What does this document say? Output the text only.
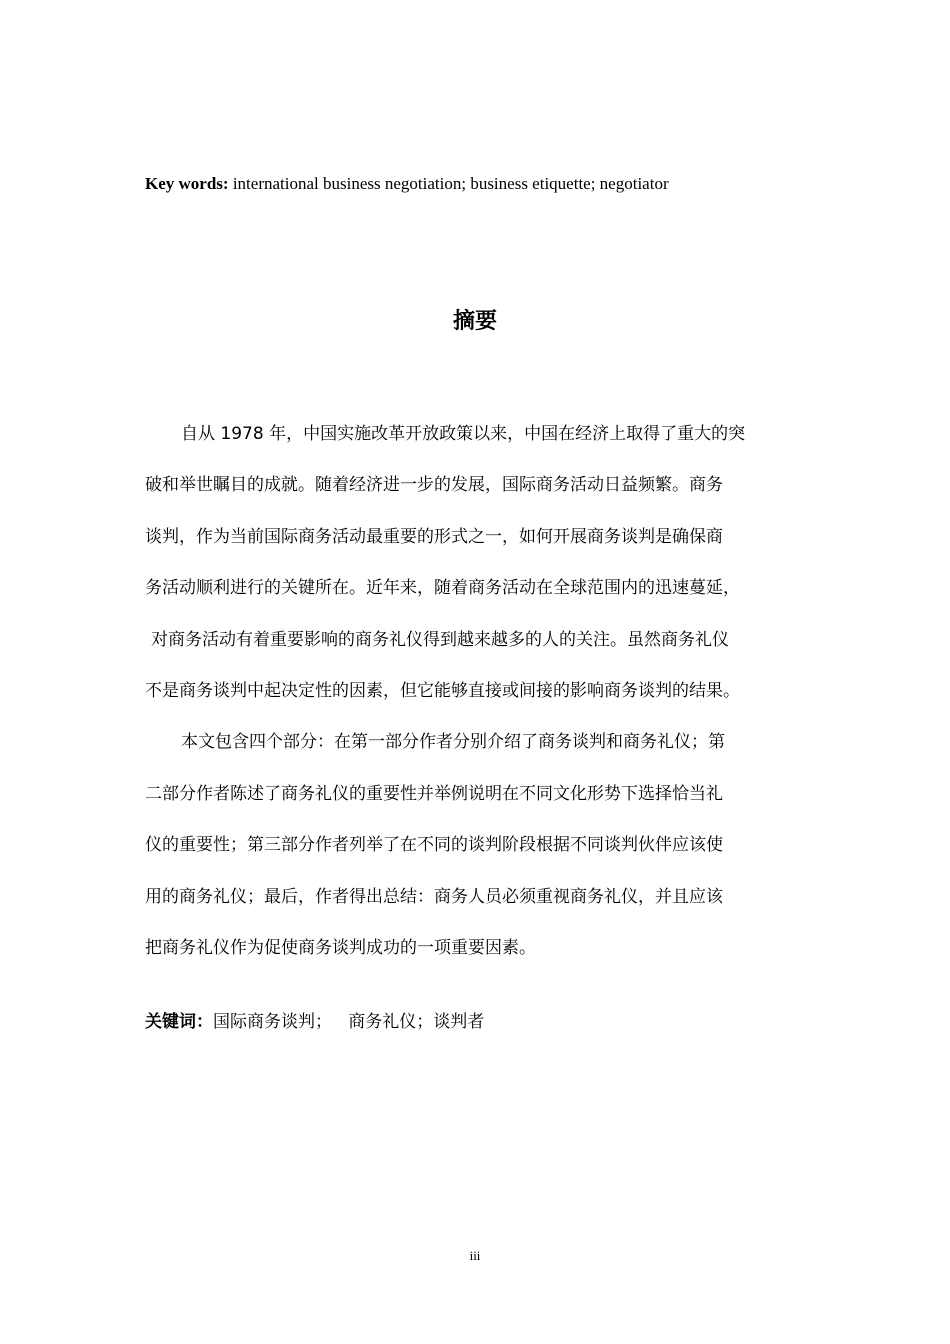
Key words: international business negotiation; business etiquette; negotiator
摘要
自从 1978 年，中国实施改革开放政策以来，中国在经济上取得了重大的突
破和举世瞩目的成就。随着经济进一步的发展，国际商务活动日益频繁。商务
谈判，作为当前国际商务活动最重要的形式之一，如何开展商务谈判是确保商
务活动顺利进行的关键所在。近年来，随着商务活动在全球范围内的迅速蔓延，
对商务活动有着重要影响的商务礼仪得到越来越多的人的关注。虽然商务礼仪
不是商务谈判中起决定性的因素，但它能够直接或间接的影响商务谈判的结果。
本文包含四个部分：在第一部分作者分别介绍了商务谈判和商务礼仪；第
二部分作者陈述了商务礼仪的重要性并举例说明在不同文化形势下选择恰当礼
仪的重要性；第三部分作者列举了在不同的谈判阶段根据不同谈判伙伴应该使
用的商务礼仪；最后，作者得出总结：商务人员必须重视商务礼仪，并且应该
把商务礼仪作为促使商务谈判成功的一项重要因素。
关键词：国际商务谈判；   商务礼仪；谈判者
iii
